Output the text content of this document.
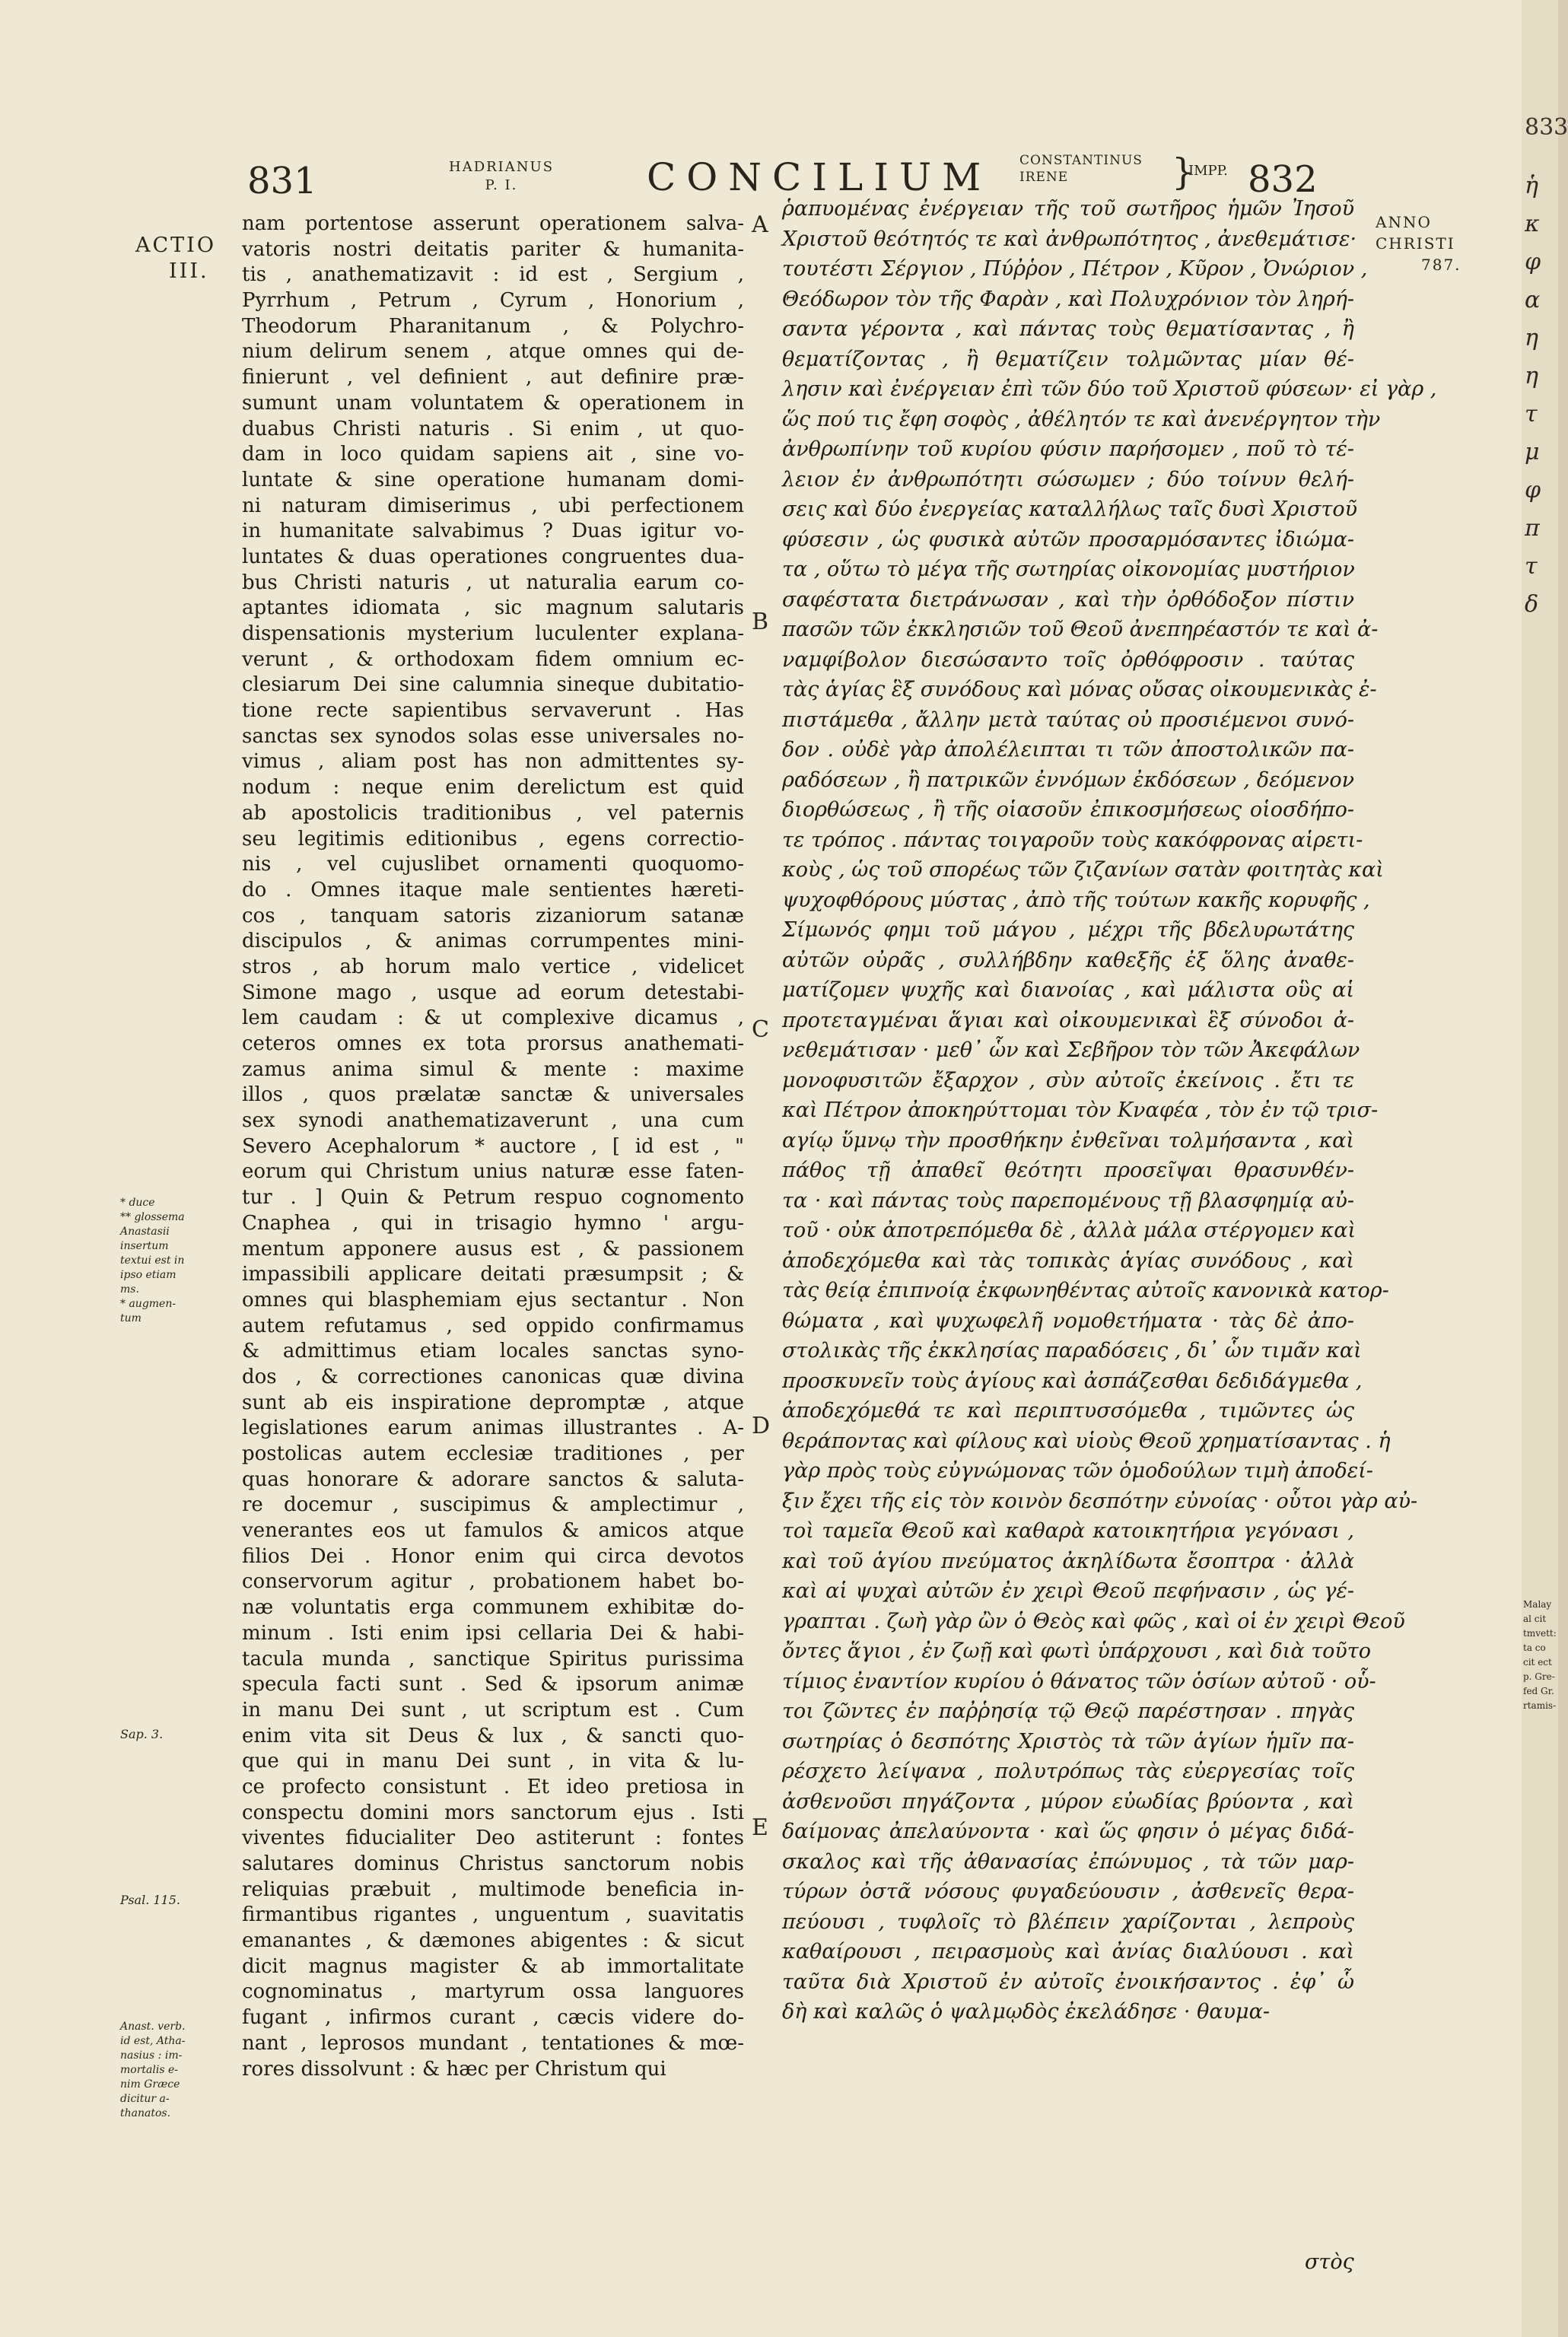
831	HADRIANUS
P. I.	CONCILIUM CONSTANTINUS
IRENE	}
IMPP. 832
ACTIO
III.
ANNO
CHRISTI
787.
* duce
** glossema
Anastasii
insertum
textui est in
ipso etiam
ms.
* augmen-
tum
Sap. 3.
Psal. 115.
Anast. verb.
id est, Atha-
nasius : im-
mortalis e-
nim Græce
dicitur a-
thanatos.
nam portentose asserunt operationem salva-
vatoris nostri deitatis pariter & humanita-
tis , anathematizavit : id est , Sergium ,
Pyrrhum , Petrum , Cyrum , Honorium ,
Theodorum Pharanitanum , & Polychro-
nium delirum senem , atque omnes qui de-
finierunt , vel definient , aut definire præ-
sumunt unam voluntatem & operationem in
duabus Christi naturis . Si enim , ut quo-
dam in loco quidam sapiens ait , sine vo-
luntate & sine operatione humanam domi-
ni naturam dimiserimus , ubi perfectionem
in humanitate salvabimus ? Duas igitur vo-
luntates & duas operationes congruentes dua-
bus Christi naturis , ut naturalia earum co-
aptantes idiomata , sic magnum salutaris
dispensationis mysterium luculenter explana-
verunt , & orthodoxam fidem omnium ec-
clesiarum Dei sine calumnia sineque dubitatio-
tione recte sapientibus servaverunt . Has
sanctas sex synodos solas esse universales no-
vimus , aliam post has non admittentes sy-
nodum : neque enim derelictum est quid
ab apostolicis traditionibus , vel paternis
seu legitimis editionibus , egens correctio-
nis , vel cujuslibet ornamenti quoquomo-
do . Omnes itaque male sentientes hæreti-
cos , tanquam satoris zizaniorum satanæ
discipulos , & animas corrumpentes mini-
stros , ab horum malo vertice , videlicet
Simone mago , usque ad eorum detestabi-
lem caudam : & ut complexive dicamus ,
ceteros omnes ex tota prorsus anathemati-
zamus anima simul & mente : maxime
illos , quos prælatæ sanctæ & universales
sex synodi anathematizaverunt , una cum
Severo Acephalorum * auctore , [ id est , "
eorum qui Christum unius naturæ esse faten-
tur . ] Quin & Petrum respuo cognomento
Cnaphea , qui in trisagio hymno ' argu-
mentum apponere ausus est , & passionem
impassibili applicare deitati præsumpsit ; &
omnes qui blasphemiam ejus sectantur . Non
autem refutamus , sed oppido confirmamus
& admittimus etiam locales sanctas syno-
dos , & correctiones canonicas quæ divina
sunt ab eis inspiratione depromptæ , atque
legislationes earum animas illustrantes . A-
postolicas autem ecclesiæ traditiones , per
quas honorare & adorare sanctos & saluta-
re docemur , suscipimus & amplectimur ,
venerantes eos ut famulos & amicos atque
filios Dei . Honor enim qui circa devotos
conservorum agitur , probationem habet bo-
næ voluntatis erga communem exhibitæ do-
minum . Isti enim ipsi cellaria Dei & habi-
tacula munda , sanctique Spiritus purissima
specula facti sunt . Sed & ipsorum animæ
in manu Dei sunt , ut scriptum est . Cum
enim vita sit Deus & lux , & sancti quo-
que qui in manu Dei sunt , in vita & lu-
ce profecto consistunt . Et ideo pretiosa in
conspectu domini mors sanctorum ejus . Isti
viventes fiducialiter Deo astiterunt : fontes
salutares dominus Christus sanctorum nobis
reliquias præbuit , multimode beneficia in-
firmantibus rigantes , unguentum , suavitatis
emanantes , & dæmones abigentes : & sicut
dicit magnus magister & ab immortalitate
cognominatus , martyrum ossa languores
fugant , infirmos curant , cæcis videre do-
nant , leprosos mundant , tentationes & mœ-
rores dissolvunt : & hæc per Christum qui
A
B
C
D
E
ῥαπυομένας ἐνέργειαν τῆς τοῦ σωτῆρος ἡμῶν Ἰησοῦ
Χριστοῦ θεότητός τε καὶ ἀνθρωπότητος , ἀνεθεμάτισε·
τουτέστι Σέργιον , Πύῤῥον , Πέτρον , Κῦρον , Ὀνώριον ,
Θεόδωρον τὸν τῆς Φαρὰν , καὶ Πολυχρόνιον τὸν ληρή-
σαντα γέροντα , καὶ πάντας τοὺς θεματίσαντας , ἢ
θεματίζοντας , ἢ θεματίζειν τολμῶντας μίαν θέ-
λησιν καὶ ἐνέργειαν ἐπὶ τῶν δύο τοῦ Χριστοῦ φύσεων· εἰ γὰρ ,
ὥς πού τις ἔφη σοφὸς , ἀθέλητόν τε καὶ ἀνενέργητον τὴν
ἀνθρωπίνην τοῦ κυρίου φύσιν παρήσομεν , ποῦ τὸ τέ-
λειον ἐν ἀνθρωπότητι σώσωμεν ; δύο τοίνυν θελή-
σεις καὶ δύο ἐνεργείας καταλλήλως ταῖς δυσὶ Χριστοῦ
φύσεσιν , ὡς φυσικὰ αὐτῶν προσαρμόσαντες ἰδιώμα-
τα , οὕτω τὸ μέγα τῆς σωτηρίας οἰκονομίας μυστήριον
σαφέστατα διετράνωσαν , καὶ τὴν ὀρθόδοξον πίστιν
πασῶν τῶν ἐκκλησιῶν τοῦ Θεοῦ ἀνεπηρέαστόν τε καὶ ἀ-
ναμφίβολον διεσώσαντο τοῖς ὀρθόφροσιν . ταύτας
τὰς ἁγίας ἓξ συνόδους καὶ μόνας οὔσας οἰκουμενικὰς ἐ-
πιστάμεθα , ἄλλην μετὰ ταύτας οὐ προσιέμενοι συνό-
δον . οὐδὲ γὰρ ἀπολέλειπται τι τῶν ἀποστολικῶν πα-
ραδόσεων , ἢ πατρικῶν ἐννόμων ἐκδόσεων , δεόμενον
διορθώσεως , ἢ τῆς οἱασοῦν ἐπικοσμήσεως οἱοσδήπο-
τε τρόπος . πάντας τοιγαροῦν τοὺς κακόφρονας αἱρετι-
κοὺς , ὡς τοῦ σπορέως τῶν ζιζανίων σατὰν φοιτητὰς καὶ
ψυχοφθόρους μύστας , ἀπὸ τῆς τούτων κακῆς κορυφῆς ,
Σίμωνός φημι τοῦ μάγου , μέχρι τῆς βδελυρωτάτης
αὐτῶν οὐρᾶς , συλλήβδην καθεξῆς ἐξ ὅλης ἀναθε-
ματίζομεν ψυχῆς καὶ διανοίας , καὶ μάλιστα οὓς αἱ
προτεταγμέναι ἅγιαι καὶ οἰκουμενικαὶ ἓξ σύνοδοι ἀ-
νεθεμάτισαν · μεθ᾽ ὧν καὶ Σεβῆρον τὸν τῶν Ἀκεφάλων
μονοφυσιτῶν ἔξαρχον , σὺν αὐτοῖς ἐκείνοις . ἔτι τε
καὶ Πέτρον ἀποκηρύττομαι τὸν Κναφέα , τὸν ἐν τῷ τρισ-
αγίῳ ὕμνῳ τὴν προσθήκην ἐνθεῖναι τολμήσαντα , καὶ
πάθος τῇ ἀπαθεῖ θεότητι προσεῖψαι θρασυνθέν-
τα · καὶ πάντας τοὺς παρεπομένους τῇ βλασφημίᾳ αὐ-
τοῦ · οὐκ ἀποτρεπόμεθα δὲ , ἀλλὰ μάλα στέργομεν καὶ
ἀποδεχόμεθα καὶ τὰς τοπικὰς ἁγίας συνόδους , καὶ
τὰς θείᾳ ἐπιπνοίᾳ ἐκφωνηθέντας αὐτοῖς κανονικὰ κατορ-
θώματα , καὶ ψυχωφελῆ νομοθετήματα · τὰς δὲ ἀπο-
στολικὰς τῆς ἐκκλησίας παραδόσεις , δι᾽ ὧν τιμᾶν καὶ
προσκυνεῖν τοὺς ἁγίους καὶ ἀσπάζεσθαι δεδιδάγμεθα ,
ἀποδεχόμεθά τε καὶ περιπτυσσόμεθα , τιμῶντες ὡς
θεράποντας καὶ φίλους καὶ υἱοὺς Θεοῦ χρηματίσαντας . ἡ
γὰρ πρὸς τοὺς εὐγνώμονας τῶν ὁμοδούλων τιμὴ ἀποδεί-
ξιν ἔχει τῆς εἰς τὸν κοινὸν δεσπότην εὐνοίας · οὗτοι γὰρ αὐ-
τοὶ ταμεῖα Θεοῦ καὶ καθαρὰ κατοικητήρια γεγόνασι ,
καὶ τοῦ ἁγίου πνεύματος ἀκηλίδωτα ἔσοπτρα · ἀλλὰ
καὶ αἱ ψυχαὶ αὐτῶν ἐν χειρὶ Θεοῦ πεφήνασιν , ὡς γέ-
γραπται . ζωὴ γὰρ ὢν ὁ Θεὸς καὶ φῶς , καὶ οἱ ἐν χειρὶ Θεοῦ
ὄντες ἅγιοι , ἐν ζωῇ καὶ φωτὶ ὑπάρχουσι , καὶ διὰ τοῦτο
τίμιος ἐναντίον κυρίου ὁ θάνατος τῶν ὁσίων αὐτοῦ · οὗ-
τοι ζῶντες ἐν παῤῥησίᾳ τῷ Θεῷ παρέστησαν . πηγὰς
σωτηρίας ὁ δεσπότης Χριστὸς τὰ τῶν ἁγίων ἡμῖν πα-
ρέσχετο λείψανα , πολυτρόπως τὰς εὐεργεσίας τοῖς
ἀσθενοῦσι πηγάζοντα , μύρον εὐωδίας βρύοντα , καὶ
δαίμονας ἀπελαύνοντα · καὶ ὥς φησιν ὁ μέγας διδά-
σκαλος καὶ τῆς ἀθανασίας ἐπώνυμος , τὰ τῶν μαρ-
τύρων ὀστᾶ νόσους φυγαδεύουσιν , ἀσθενεῖς θερα-
πεύουσι , τυφλοῖς τὸ βλέπειν χαρίζονται , λεπροὺς
καθαίρουσι , πειρασμοὺς καὶ ἀνίας διαλύουσι . καὶ
ταῦτα διὰ Χριστοῦ ἐν αὐτοῖς ἐνοικήσαντος . ἐφ᾽ ὧ
δὴ καὶ καλῶς ὁ ψαλμῳδὸς ἐκελάδησε · θαυμα-
στὸς
833
ἡ
κ
φ
α
η
η
τ
μ
φ
π
τ
δ
Malay
al cit
tmvett:
ta co
cit ect
p. Gre-
fed Gr.
rtamis-
